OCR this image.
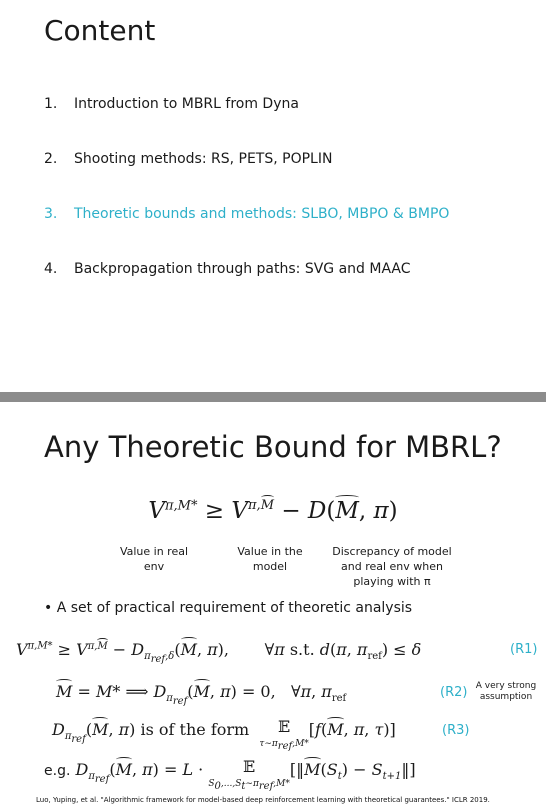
Content
1. Introduction to MBRL from Dyna
2. Shooting methods: RS, PETS, POPLIN
3. Theoretic bounds and methods: SLBO, MBPO & BMPO
4. Backpropagation through paths: SVG and MAAC
Any Theoretic Bound for MBRL?
$V^{\pi,M*} \ge V^{\pi,M} - D(M$, π)
Value in real env
Value in the model
Discrepancy of model and real env when playing with π
• A set of practical requirement of theoretic analysis
$V^{\pi,M*} \ge V^{\pi,M} - D_{\pi_{ref},\delta}(M$, π),       ∀π s.t. d(π, $\pi_{ref}) \le \delta$	(R1)
M = M* ⟹ $D_{\pi_{ref}}(M$, π) = 0,   ∀π, $\pi_{ref}$	(R2) A very strong assumption
$D_{\pi_{ref}}(M$, π) is of the form 𝔼
$\tau\sim\pi_{ref},M*[f(M$, π, τ)]	(R3)
e.g. $D_{\pi_{ref}}(M$, π) = L · 𝔼
$S_0,...,S_t\sim\pi_{ref},M*[‖M(S_t)$ − $S_{t+1}‖$]
Luo, Yuping, et al. "Algorithmic framework for model-based deep reinforcement learning with theoretical guarantees." ICLR 2019.
